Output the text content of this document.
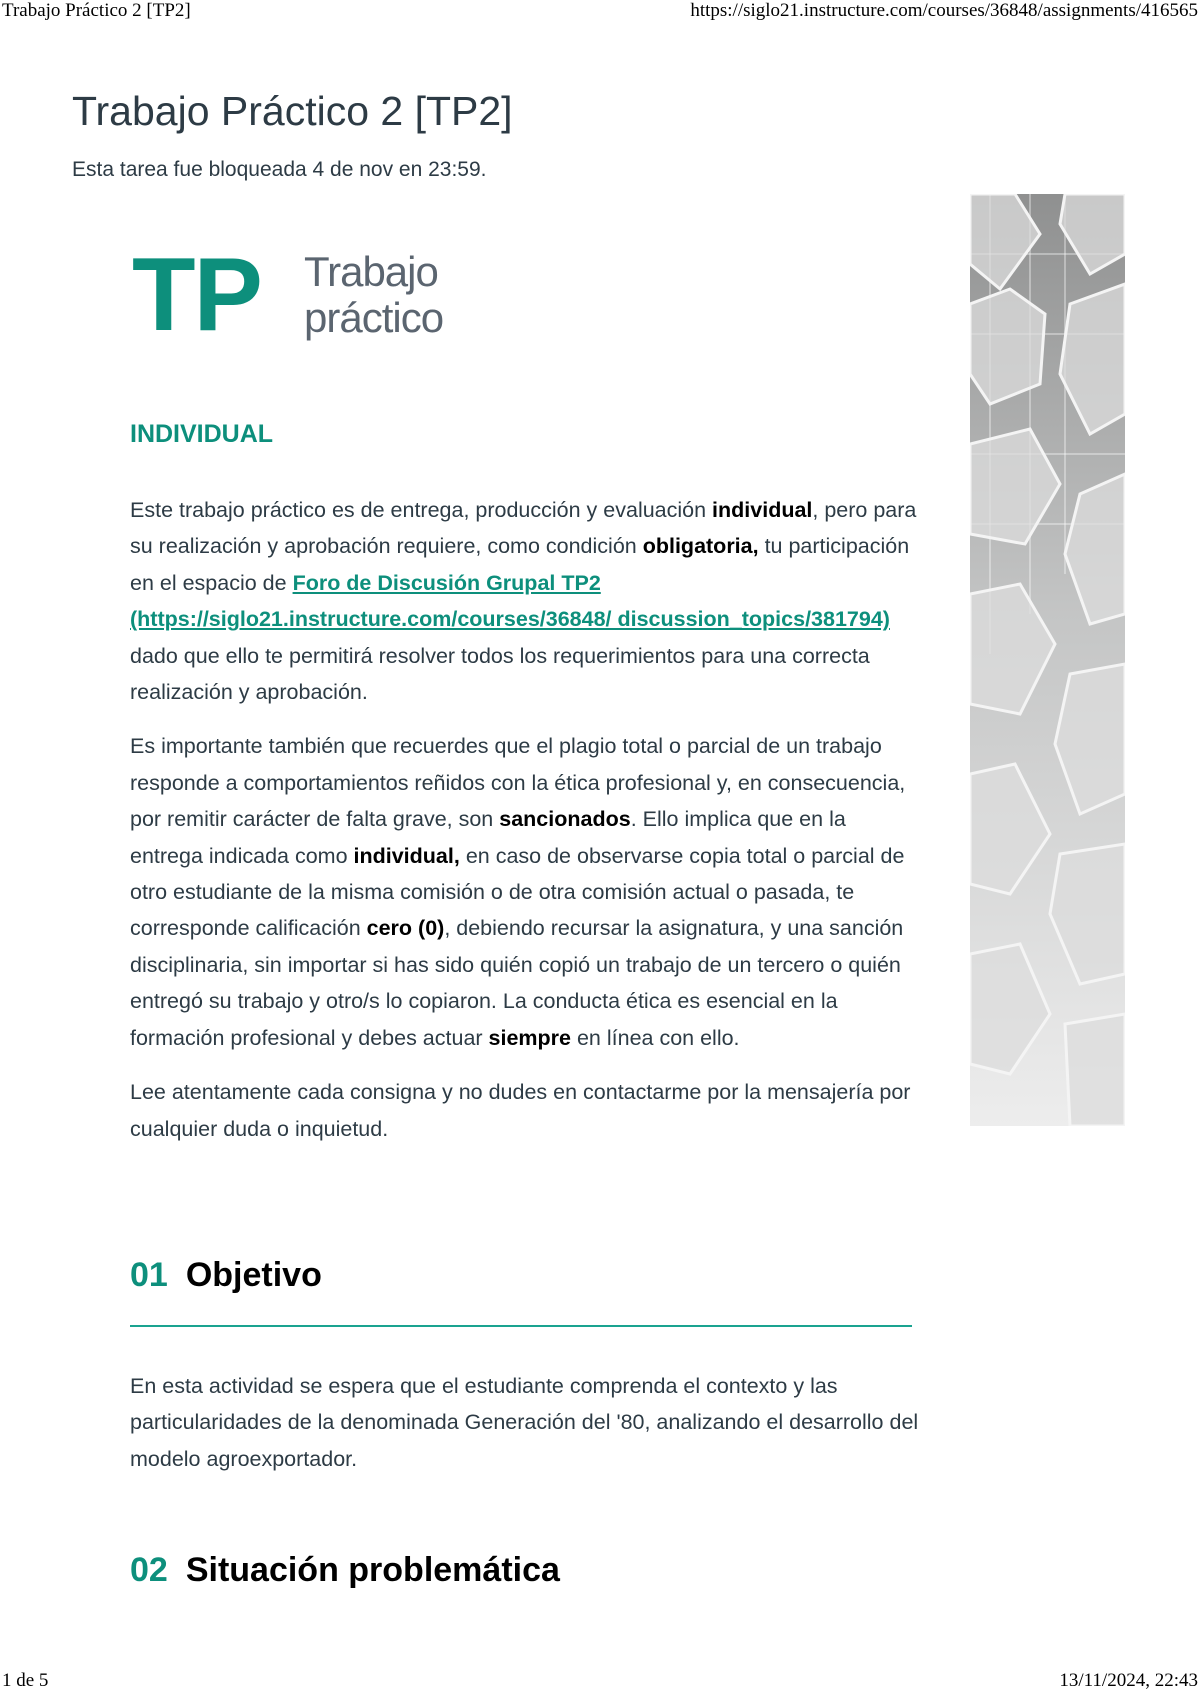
Trabajo Práctico 2 [TP2]	https://siglo21.instructure.com/courses/36848/assignments/416565
Trabajo Práctico 2 [TP2]

Esta tarea fue bloqueada 4 de nov en 23:59.

TP Trabajo
práctico
INDIVIDUAL

Este trabajo práctico es de entrega, producción y evaluación individual, pero para su realización y aprobación requiere, como condición obligatoria, tu participación en el espacio de Foro de Discusión Grupal TP2 (https://siglo21.instructure.com/courses/36848/ discussion_topics/381794) dado que ello te permitirá resolver todos los requerimientos para una correcta realización y aprobación.

Es importante también que recuerdes que el plagio total o parcial de un trabajo responde a comportamientos reñidos con la ética profesional y, en consecuencia, por remitir carácter de falta grave, son sancionados. Ello implica que en la entrega indicada como individual, en caso de observarse copia total o parcial de otro estudiante de la misma comisión o de otra comisión actual o pasada, te corresponde calificación cero (0), debiendo recursar la asignatura, y una sanción disciplinaria, sin importar si has sido quién copió un trabajo de un tercero o quién entregó su trabajo y otro/s lo copiaron. La conducta ética es esencial en la formación profesional y debes actuar siempre en línea con ello.

Lee atentamente cada consigna y no dudes en contactarme por la mensajería por cualquier duda o inquietud.

01 Objetivo

En esta actividad se espera que el estudiante comprenda el contexto y las particularidades de la denominada Generación del '80, analizando el desarrollo del modelo agroexportador.

02 Situación problemática
1 de 5	13/11/2024, 22:43
